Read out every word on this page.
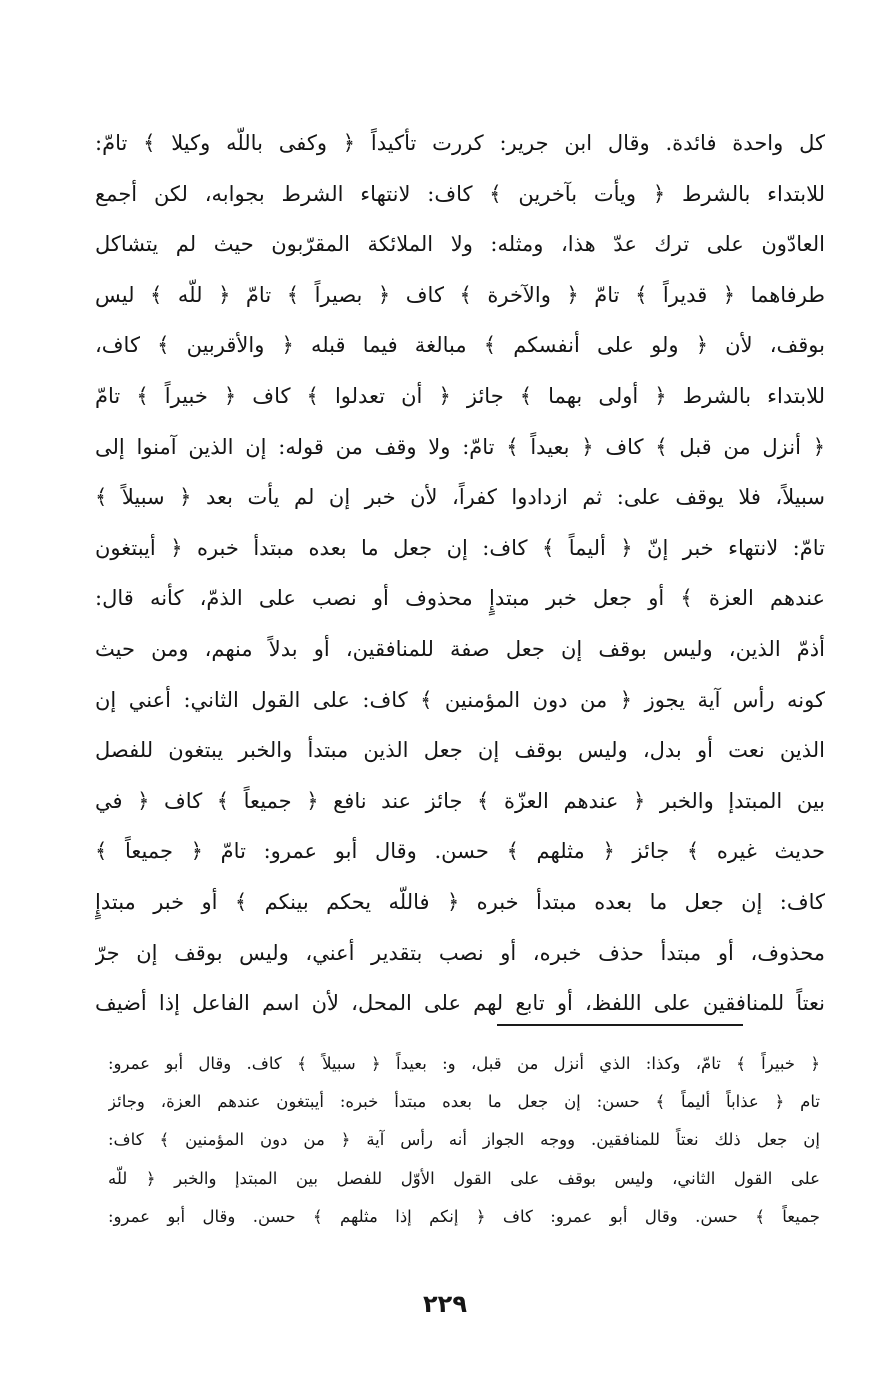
كل واحدة فائدة. وقال ابن جرير: كررت تأكيداً ﴿ وكفى باللّه وكيلا ﴾ تامّ:
للابتداء بالشرط ﴿ ويأت بآخرين ﴾ كاف: لانتهاء الشرط بجوابه، لكن أجمع
العادّون على ترك عدّ هذا، ومثله: ولا الملائكة المقرّبون حيث لم يتشاكل
طرفاهما ﴿ قديراً ﴾ تامّ ﴿ والآخرة ﴾ كاف ﴿ بصيراً ﴾ تامّ ﴿ للّه ﴾ ليس
بوقف، لأن ﴿ ولو على أنفسكم ﴾ مبالغة فيما قبله ﴿ والأقربين ﴾ كاف،
للابتداء بالشرط ﴿ أولى بهما ﴾ جائز ﴿ أن تعدلوا ﴾ كاف ﴿ خبيراً ﴾ تامّ
﴿ أنزل من قبل ﴾ كاف ﴿ بعيداً ﴾ تامّ: ولا وقف من قوله: إن الذين آمنوا إلى
سبيلاً، فلا يوقف على: ثم ازدادوا كفراً، لأن خبر إن لم يأت بعد ﴿ سبيلاً ﴾
تامّ: لانتهاء خبر إنّ ﴿ أليماً ﴾ كاف: إن جعل ما بعده مبتدأ خبره ﴿ أيبتغون
عندهم العزة ﴾ أو جعل خبر مبتدإٍ محذوف أو نصب على الذمّ، كأنه قال:
أذمّ الذين، وليس بوقف إن جعل صفة للمنافقين، أو بدلاً منهم، ومن حيث
كونه رأس آية يجوز ﴿ من دون المؤمنين ﴾ كاف: على القول الثاني: أعني إن
الذين نعت أو بدل، وليس بوقف إن جعل الذين مبتدأ والخبر يبتغون للفصل
بين المبتدإ والخبر ﴿ عندهم العزّة ﴾ جائز عند نافع ﴿ جميعاً ﴾ كاف ﴿ في
حديث غيره ﴾ جائز ﴿ مثلهم ﴾ حسن. وقال أبو عمرو: تامّ ﴿ جميعاً ﴾
كاف: إن جعل ما بعده مبتدأ خبره ﴿ فاللّه يحكم بينكم ﴾ أو خبر مبتدإٍ
محذوف، أو مبتدأ حذف خبره، أو نصب بتقدير أعني، وليس بوقف إن جرّ
نعتاً للمنافقين على اللفظ، أو تابع لهم على المحل، لأن اسم الفاعل إذا أضيف
﴿ خبيراً ﴾ تامّ، وكذا: الذي أنزل من قبل، و: بعيداً ﴿ سبيلاً ﴾ كاف. وقال أبو عمرو:
تام ﴿ عذاباً أليماً ﴾ حسن: إن جعل ما بعده مبتدأ خبره: أيبتغون عندهم العزة، وجائز
إن جعل ذلك نعتاً للمنافقين. ووجه الجواز أنه رأس آية ﴿ من دون المؤمنين ﴾ كاف:
على القول الثاني، وليس بوقف على القول الأوّل للفصل بين المبتدإ والخبر ﴿ للّه
جميعاً ﴾ حسن. وقال أبو عمرو: كاف ﴿ إنكم إذا مثلهم ﴾ حسن. وقال أبو عمرو:
٢٢٩
